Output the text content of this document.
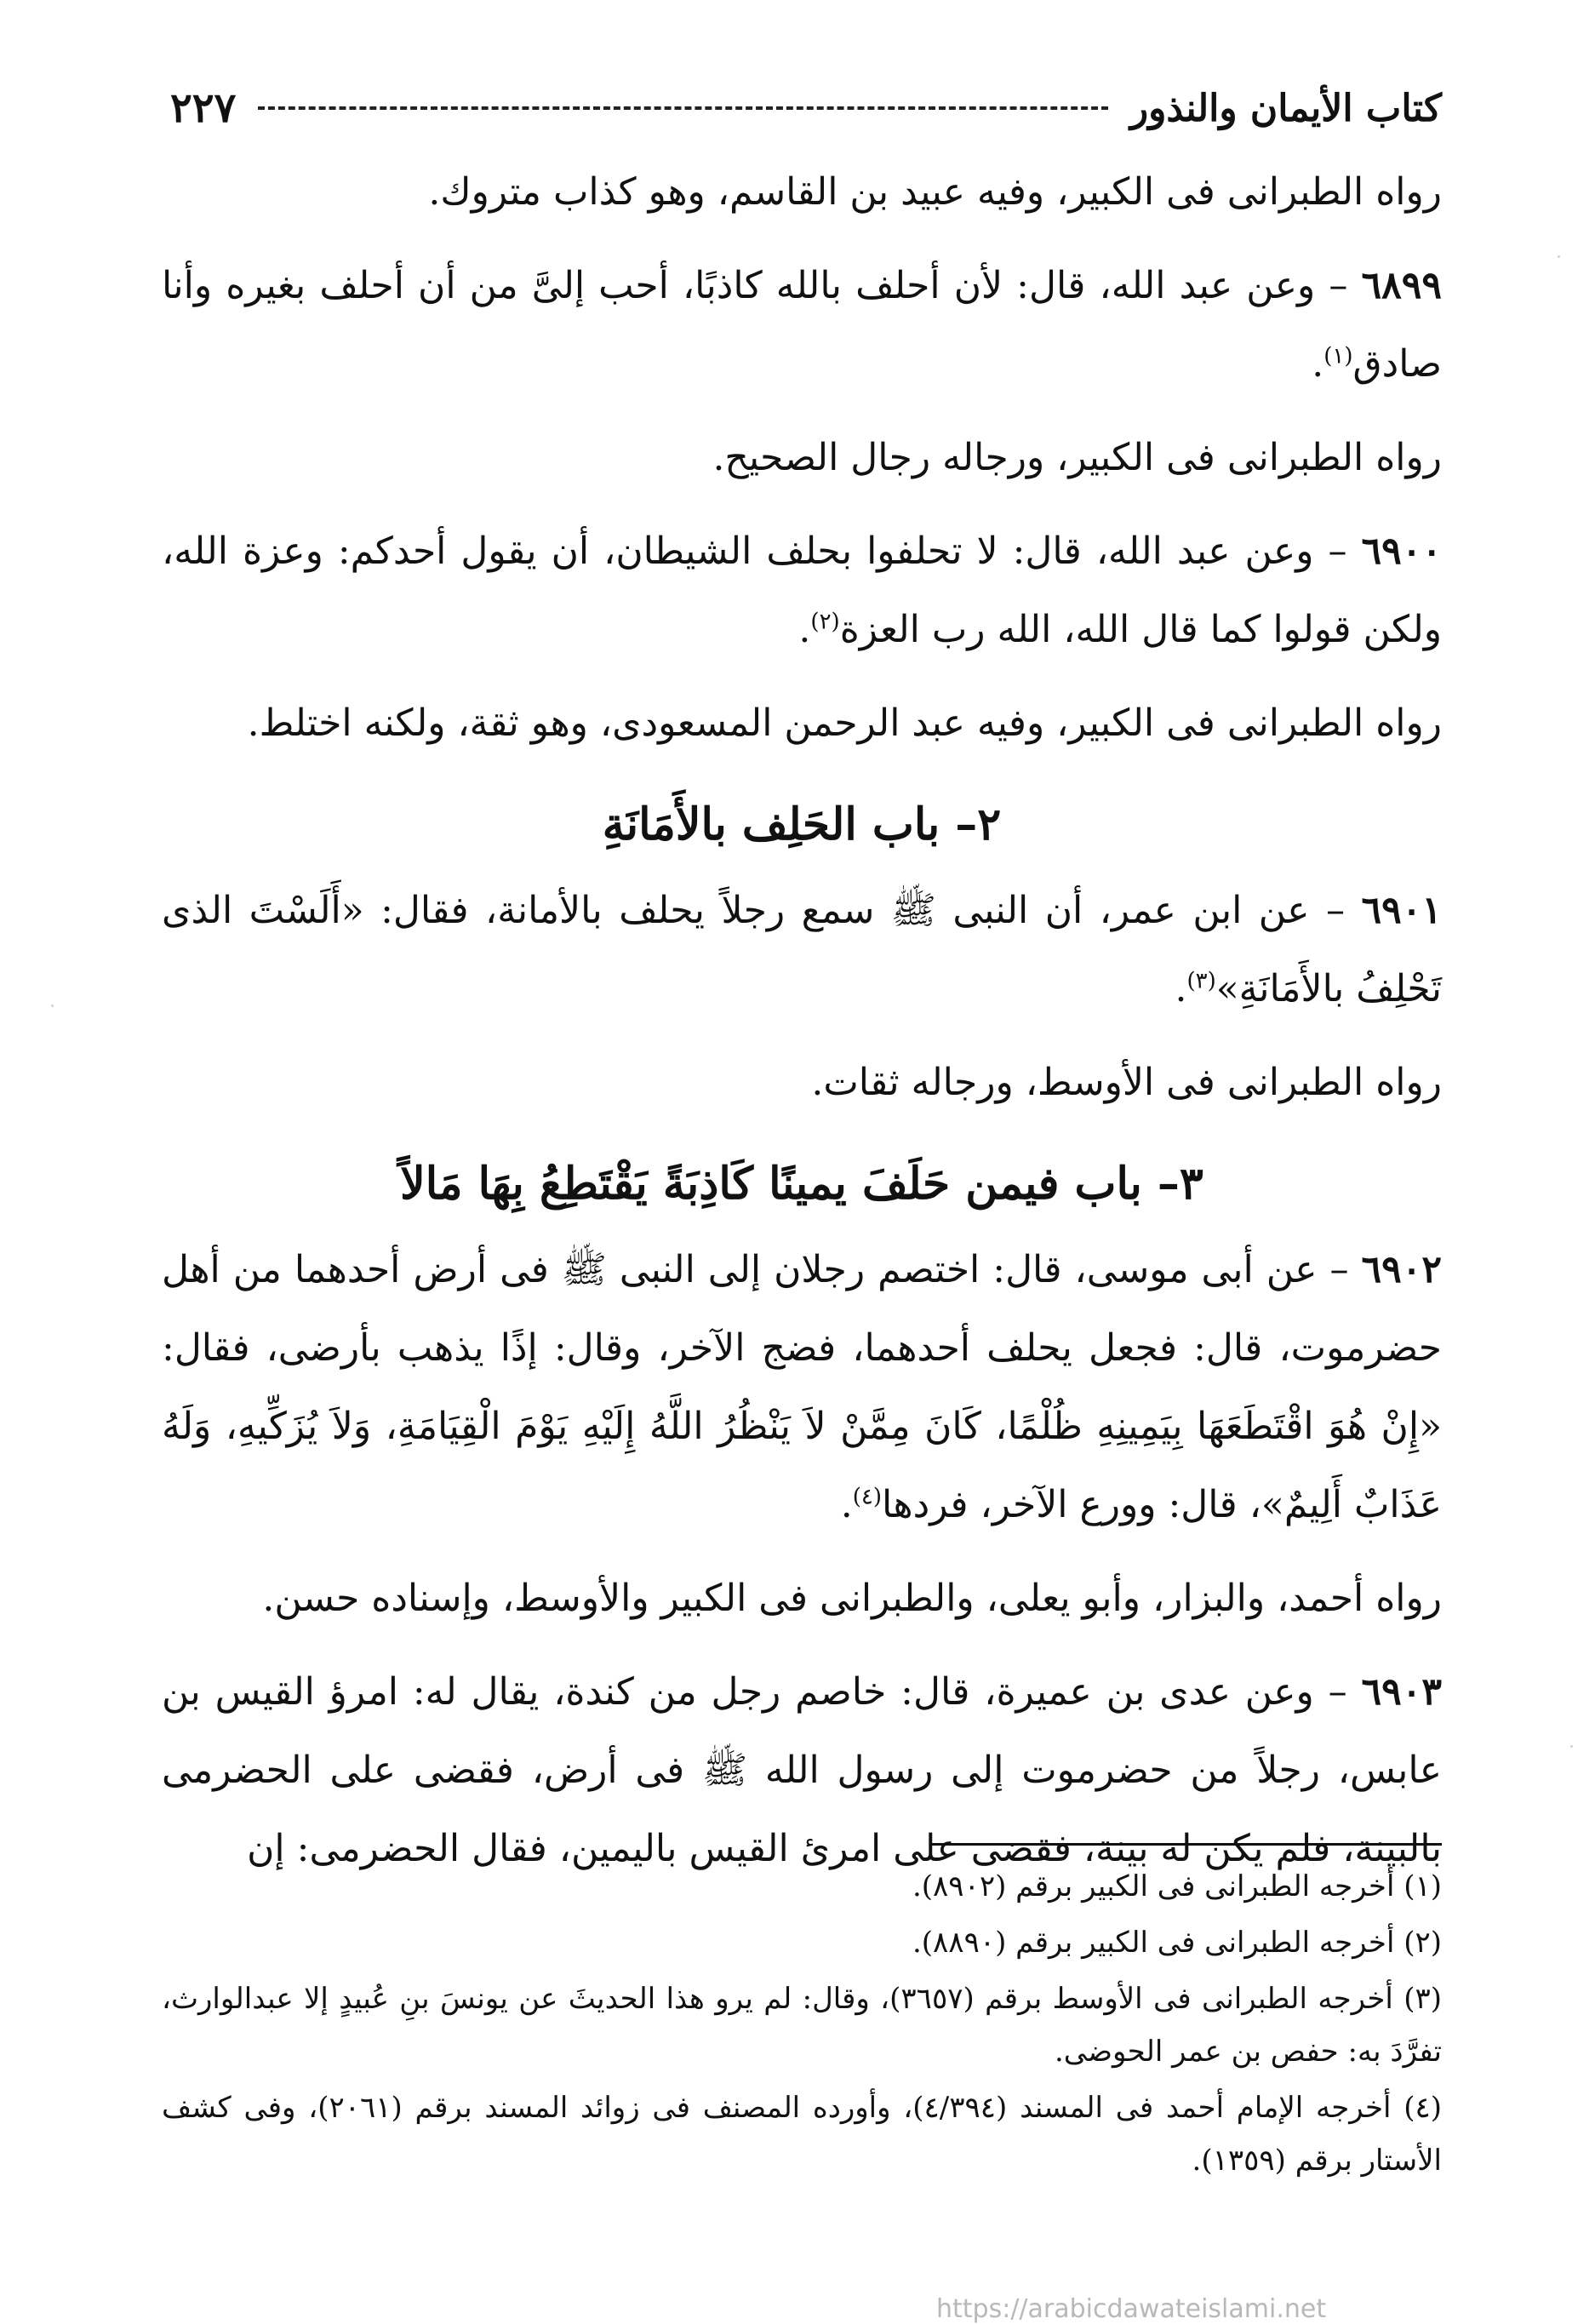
كتاب الأيمان والنذور
٢٢٧

رواه الطبرانى فى الكبير، وفيه عبيد بن القاسم، وهو كذاب متروك.

٦٨٩٩ – وعن عبد الله، قال: لأن أحلف بالله كاذبًا، أحب إلىَّ من أن أحلف بغيره وأنا صادق$^{(١)}$.

رواه الطبرانى فى الكبير، ورجاله رجال الصحيح.

٦٩٠٠ – وعن عبد الله، قال: لا تحلفوا بحلف الشيطان، أن يقول أحدكم: وعزة الله، ولكن قولوا كما قال الله، الله رب العزة$^{(٢)}$.

رواه الطبرانى فى الكبير، وفيه عبد الرحمن المسعودى، وهو ثقة، ولكنه اختلط.

٢– باب الحَلِف بالأَمَانَةِ

٦٩٠١ – عن ابن عمر، أن النبى ﷺ سمع رجلاً يحلف بالأمانة، فقال: «أَلَسْتَ الذى تَحْلِفُ بالأَمَانَةِ»$^{(٣)}$.

رواه الطبرانى فى الأوسط، ورجاله ثقات.

٣– باب فيمن حَلَفَ يمينًا كَاذِبَةً يَقْتَطِعُ بِهَا مَالاً

٦٩٠٢ – عن أبى موسى، قال: اختصم رجلان إلى النبى ﷺ فى أرض أحدهما من أهل حضرموت، قال: فجعل يحلف أحدهما، فضج الآخر، وقال: إذًا يذهب بأرضى، فقال: «إِنْ هُوَ اقْتَطَعَهَا بِيَمِينِهِ ظُلْمًا، كَانَ مِمَّنْ لاَ يَنْظُرُ اللَّهُ إِلَيْهِ يَوْمَ الْقِيَامَةِ، وَلاَ يُزَكِّيهِ، وَلَهُ عَذَابٌ أَلِيمٌ»، قال: وورع الآخر، فردها$^{(٤)}$.

رواه أحمد، والبزار، وأبو يعلى، والطبرانى فى الكبير والأوسط، وإسناده حسن.

٦٩٠٣ – وعن عدى بن عميرة، قال: خاصم رجل من كندة، يقال له: امرؤ القيس بن عابس، رجلاً من حضرموت إلى رسول الله ﷺ فى أرض، فقضى على الحضرمى بالبينة، فلم يكن له بينة، فقضى على امرئ القيس باليمين، فقال الحضرمى: إن

(١) أخرجه الطبرانى فى الكبير برقم (٨٩٠٢).

(٢) أخرجه الطبرانى فى الكبير برقم (٨٨٩٠).

(٣) أخرجه الطبرانى فى الأوسط برقم (٣٦٥٧)، وقال: لم يرو هذا الحديثَ عن يونسَ بنِ عُبيدٍ إلا عبدالوارث، تفرَّدَ به: حفص بن عمر الحوضى.

(٤) أخرجه الإمام أحمد فى المسند (٤/٣٩٤)، وأورده المصنف فى زوائد المسند برقم (٢٠٦١)، وفى كشف الأستار برقم (١٣٥٩).

https://arabicdawateislami.net
